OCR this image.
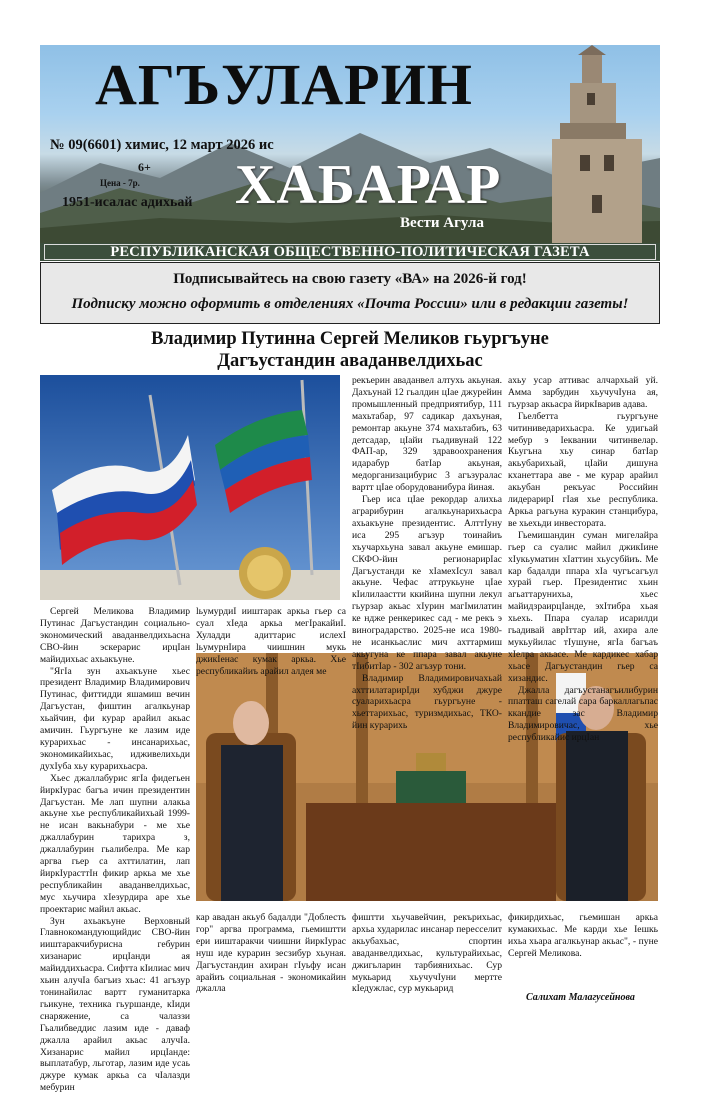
АГЪУЛАРИН
№ 09(6601) химис, 12 март 2026 ис
6+
Цена - 7р.
1951-исалас адихьай ХАБАРАР
Вести Агула
РЕСПУБЛИКАНСКАЯ ОБЩЕСТВЕННО-ПОЛИТИЧЕСКАЯ ГАЗЕТА
Подписывайтесь на свою газету «ВА» на 2026-й год!
Подписку можно оформить в отделениях «Почта России» или в редакции газеты!
Владимир Путинна Сергей Меликов гьургъуне
Дагъустандин аваданвелдихьас

Сергей Меликова Владимир Путинас Дагъустандин социально-экономический аваданвелдихьасна СВО-йин эскерарис ирцIан майидихьас ахьакъуне.

"ЯгIа зун ахьакъуне хьес президент Владимир Владимирович Путинас, фиттидди яшамиш вечин Дагъустан, фиштин агалкьунар хьайчин, фи курар арайил акьас амичин. Гьургъуне ке лазим иде курарихьас - инсанарихьас, экономикайихьас, идживелихьди духIуба хьу курарихьасра.

Хьес джаллабурис ягIа фидегьен йиркIурас багъа ичин президентин Дагъустан. Ме лап шупни алакьа акьуне хье республикайихьай 1999-не исан вакьнабури - ме хье джаллабурин тарихра з, джаллабурин гьалибелра. Ме кар аргва гьер са ахттилатин, лап йиркIурасттIн фикир аркьа ме хье республикайин аваданвелдихьас, мус хьучира хIезурдира аре хье проектарис майил акьас.

Зун ахьакъуне Верховный Главнокомандующийдис СВО-йин ииштаракчибурисна гебурин хизанарис ирцIанди ая майиддихьасра. Сифтта кIилиас мич хьин алучIа багъиз хьас: 41 агъзур тонинайилас вартт гуманитарка гьикуне, техника гьуршанде, кIиди снаряжение, са чалаззи Гьалибведдис лазим иде - даваф джалла арайил акьас алучIа. Хизанарис майил ирцIанде: выплатабур, льготар, лазим иде усаь джуре кумак аркьа са чIалазди мебурин

lьумурдиI ииштарак аркьа гьер са суал хIеда аркьа мегIракайиI. Хуладди адиттарис ислехI lьумурнIира чиишнин мукь джикIенас кумак аркьа. Хье республикайиъ арайил алдея ме

рекъерин аваданвел алтухь акьуная. Дахъунай 12 гьалдин цIае джурейин промышленный предприятибур, 111 махьтабар, 97 садикар дахъуная, ремонтар акьуне 374 махьтабиъ, 63 детсадар, цIайи гьадивунай 122 ФАП-ар, 329 здравоохранения идарабур батIар акьуная, медорганизацибурис 3 агъзуралас вартт цIае оборудованибура йиная.

Гьер иса цIае рекордар алихьа аграрибурин агалкьунарихьасра ахьакъуне президентис. АлттIуну иса 295 агъзур тоинайиъ хъучархьуна завал акьуне емишар. СКФО-йин регионарирIас Дагъустанди ке хIамехIсул завал акьуне. Чефас аттрукьуне цIае кIилилаастти ккийина шупни лекул гьурзар акьас хIурин магIмилатин ке ндже ренкерикес сад - ме рекъ э виноградарство. 2025-не иса 1980-не исанкьаслис мич ахттармиш акьугуна ке ппара завал акьуне тIибитIар - 302 агъзур тони.

Владимир Владимировичахьай ахттилатарирIди хубджи джуре суаларихьасра гьургъуне - хьеттарихьас, туризмдихьас, ТКО-йин курарихь

ахьу усар аттивас алчархьай уй. Амма зарбудин хьучучIуна ая, гьурзар акьасра йиркIварив адава.

Гьелбетта гьургъуне читиниведарихьасра. Ке удигьай мебур э Iеквании читинвелар. Кьугъна хьу синар батIар акьубарихьай, цIайи дишуна кханеттара аве - ме курар арайил акьубан рекъуас Российин лидерарирI гIая хье республика. Аркьа рагьуна куракин станцибура, ве хьехьди инвестората.

Гьемишандин суман мигелайра гьер са суалис майил джикIине хIукьуматин хIаттин хьусубйиъ. Ме кар бадалди ппара хIа чугъсагъул хурай гьер. Президентис хьин агьаттарунихьа, хьес майидзраирцIанде, эхIтибра хьая хьехь. Ппара суалар исарилди гьадивай аврIттар ий, ахира але мукьуйилас тIушуне, ягIа багъаъ хIелра акьасе. Ме кардикес хабар хьасе Дагъустандин гьер са хизандис.

Джалла дагъустанагъилибурин ппатташ сагелай сара баркаллагьпас ккандие зас Владимир Владимировичас, хье республикайис ирцIан

кар авадан акьуб бадалди "Доблесть гор" аргва программа, гьемиштти ери ииштаракчи чиишни йиркIурас нуш иде курарин зесзибур хьуная. Дагъустандин ахиран гIуьфу исан арайиъ социальная - экономикайин джалла

фиштти хьучавейчин, рекърихьас, архьа хударилас инсанар пересселит акьубахьас, спортин аваданвелдихьас, культурайихьас, джигьларин тарбиянихьас. Сур мукьарид хьучучIуни мертте кIедужлас, сур мукьарид

фикирдихьас, гьемишан аркьа кумакихьас. Ме карди хье Iешкь ихьа хьара агалкьунар акьас", - пуне Сергей Меликова.

Салихат Малагусейнова
